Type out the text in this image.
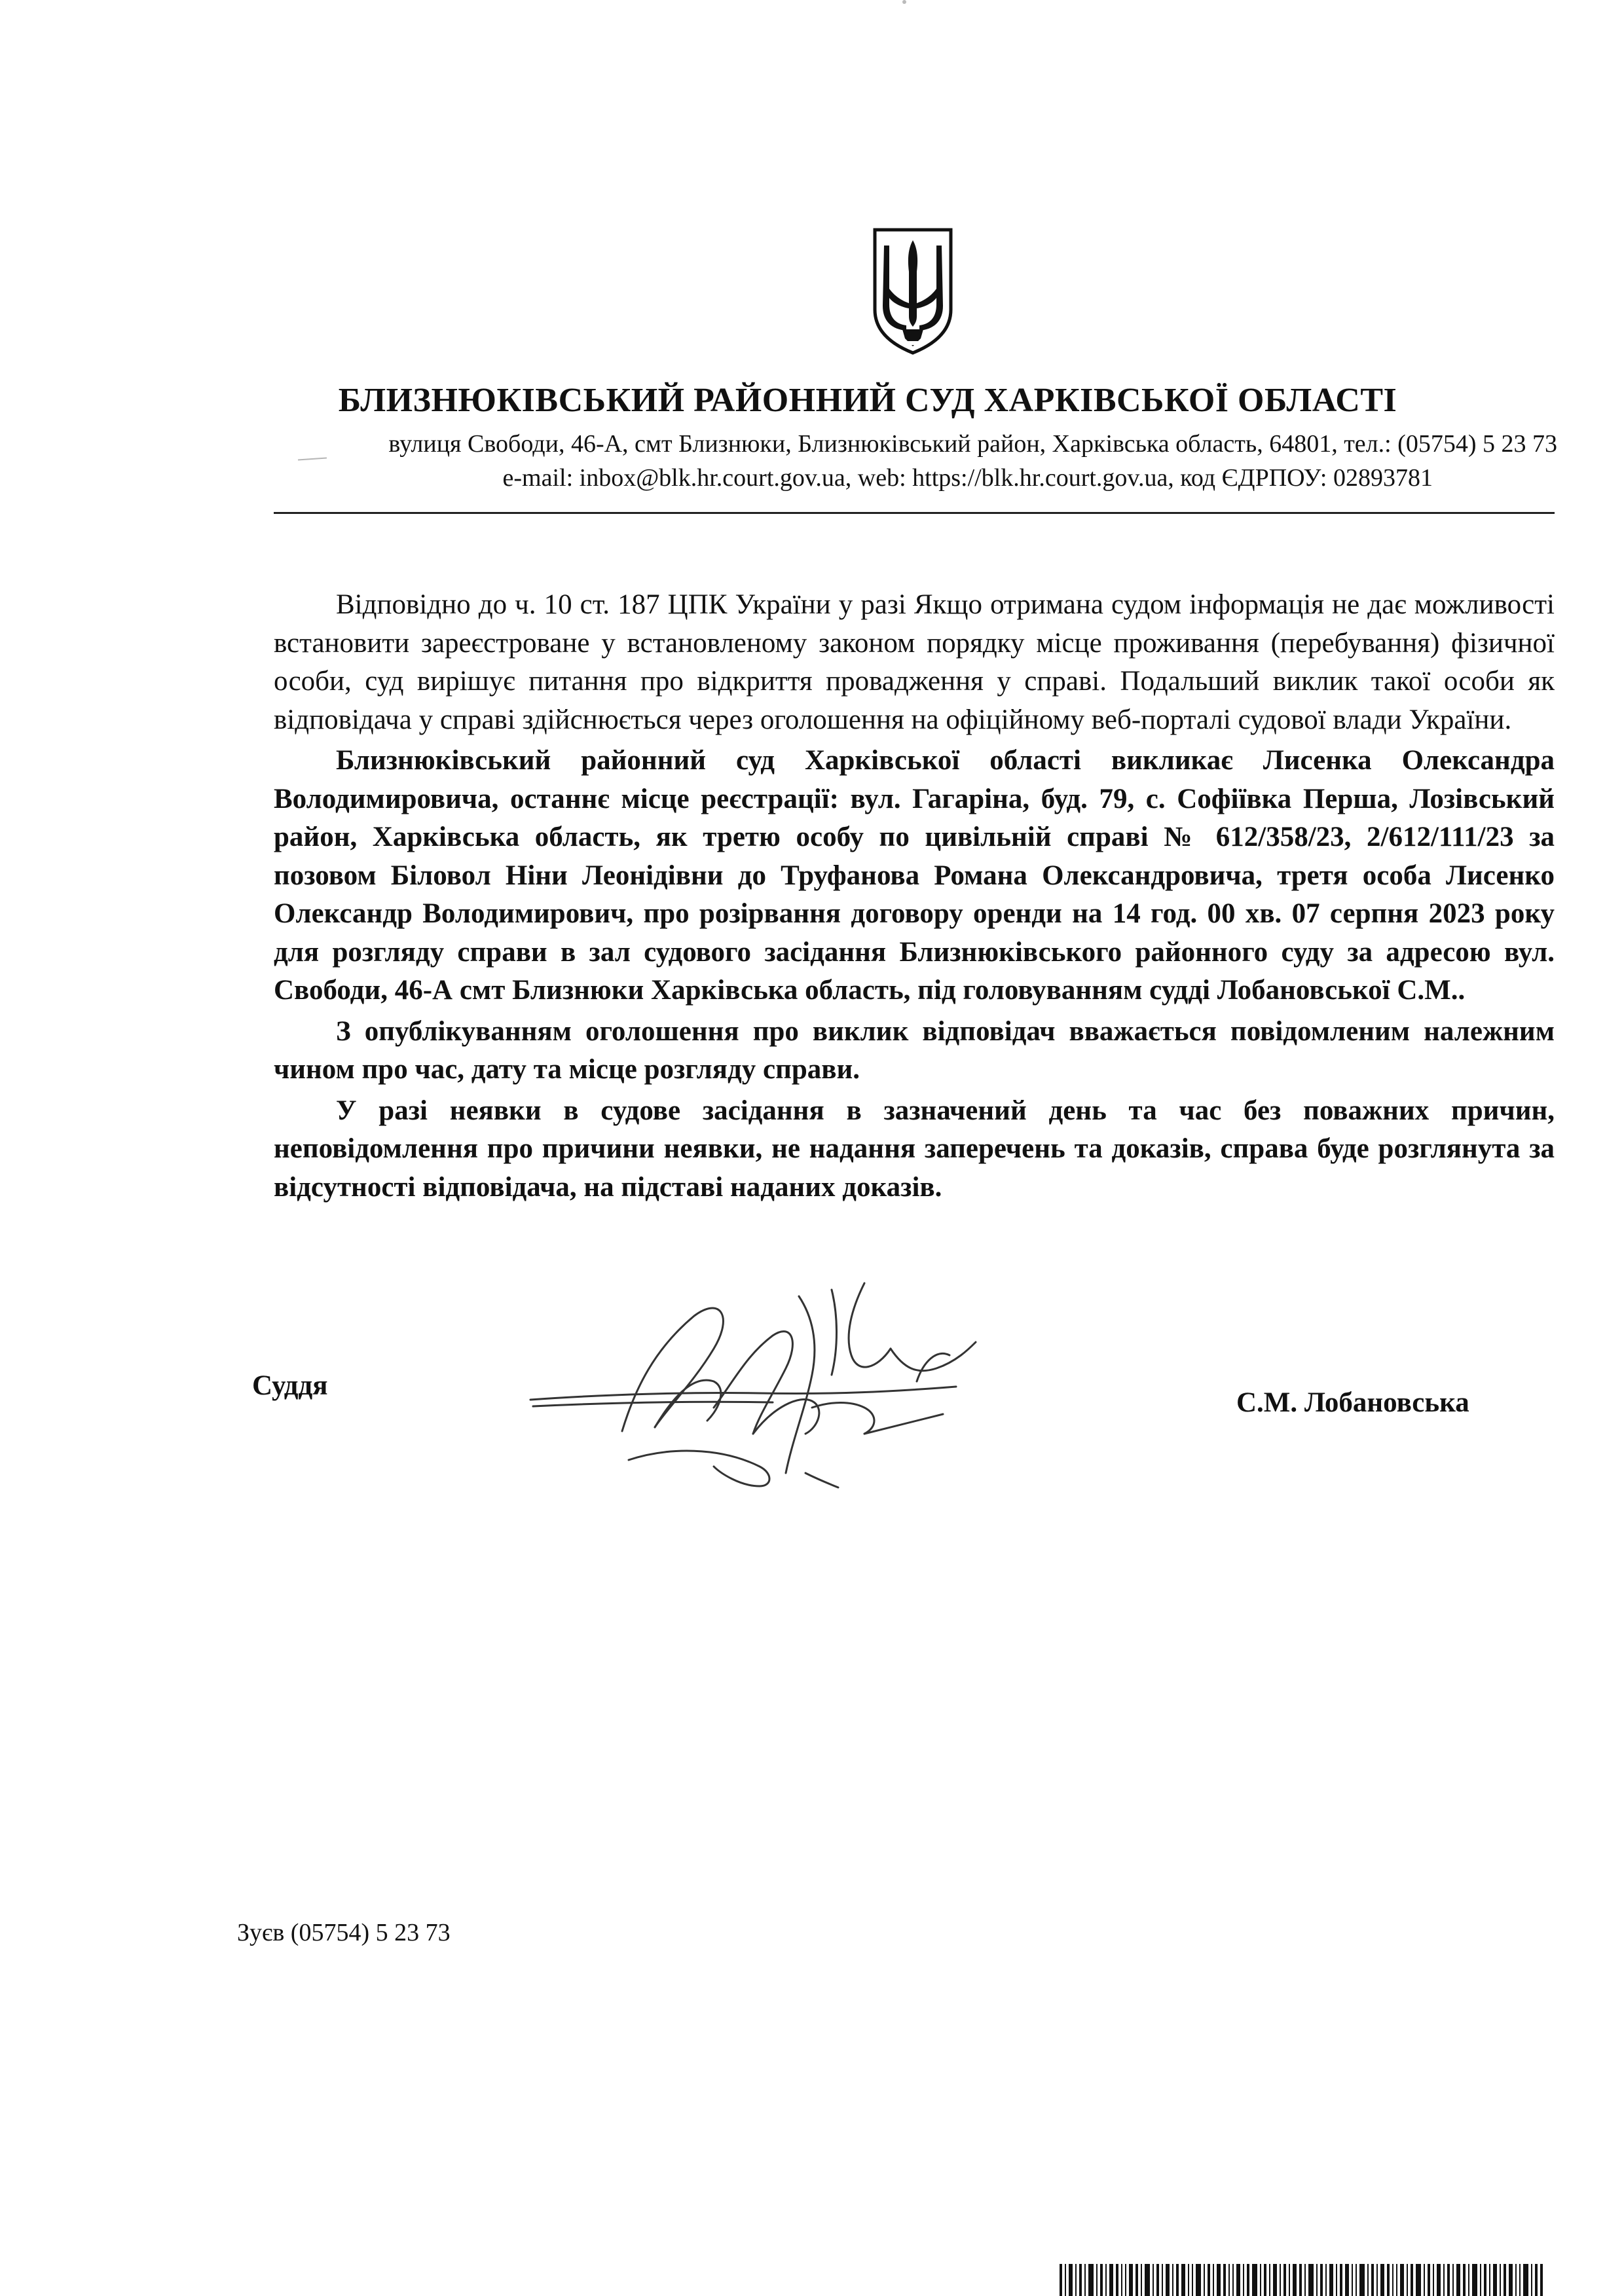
БЛИЗНЮКІВСЬКИЙ РАЙОННИЙ СУД ХАРКІВСЬКОЇ ОБЛАСТІ
вулиця Свободи, 46-А, смт Близнюки, Близнюківський район, Харківська область, 64801, тел.: (05754) 5 23 73
e-mail: inbox@blk.hr.court.gov.ua, web: https://blk.hr.court.gov.ua, код ЄДРПОУ: 02893781

Відповідно до ч. 10 ст. 187 ЦПК України у разі Якщо отримана судом інформація не дає можливості встановити зареєстроване у встановленому законом порядку місце проживання (перебування) фізичної особи, суд вирішує питання про відкриття провадження у справі. Подальший виклик такої особи як відповідача у справі здійснюється через оголошення на офіційному веб-порталі судової влади України.

Близнюківський районний суд Харківської області викликає Лисенка Олександра Володимировича, останнє місце реєстрації: вул. Гагаріна, буд. 79, с. Софіївка Перша, Лозівський район, Харківська область, як третю особу по цивільній справі № 612/358/23, 2/612/111/23 за позовом Біловол Ніни Леонідівни до Труфанова Романа Олександровича, третя особа Лисенко Олександр Володимирович, про розірвання договору оренди на 14 год. 00 хв. 07 серпня 2023 року для розгляду справи в зал судового засідання Близнюківського районного суду за адресою вул. Свободи, 46-А смт Близнюки Харківська область, під головуванням судді Лобановської С.М..

З опублікуванням оголошення про виклик відповідач вважається повідомленим належним чином про час, дату та місце розгляду справи.

У разі неявки в судове засідання в зазначений день та час без поважних причин, неповідомлення про причини неявки, не надання заперечень та доказів, справа буде розглянута за відсутності відповідача, на підставі наданих доказів.

Суддя
С.М. Лобановська
Зуєв (05754) 5 23 73
